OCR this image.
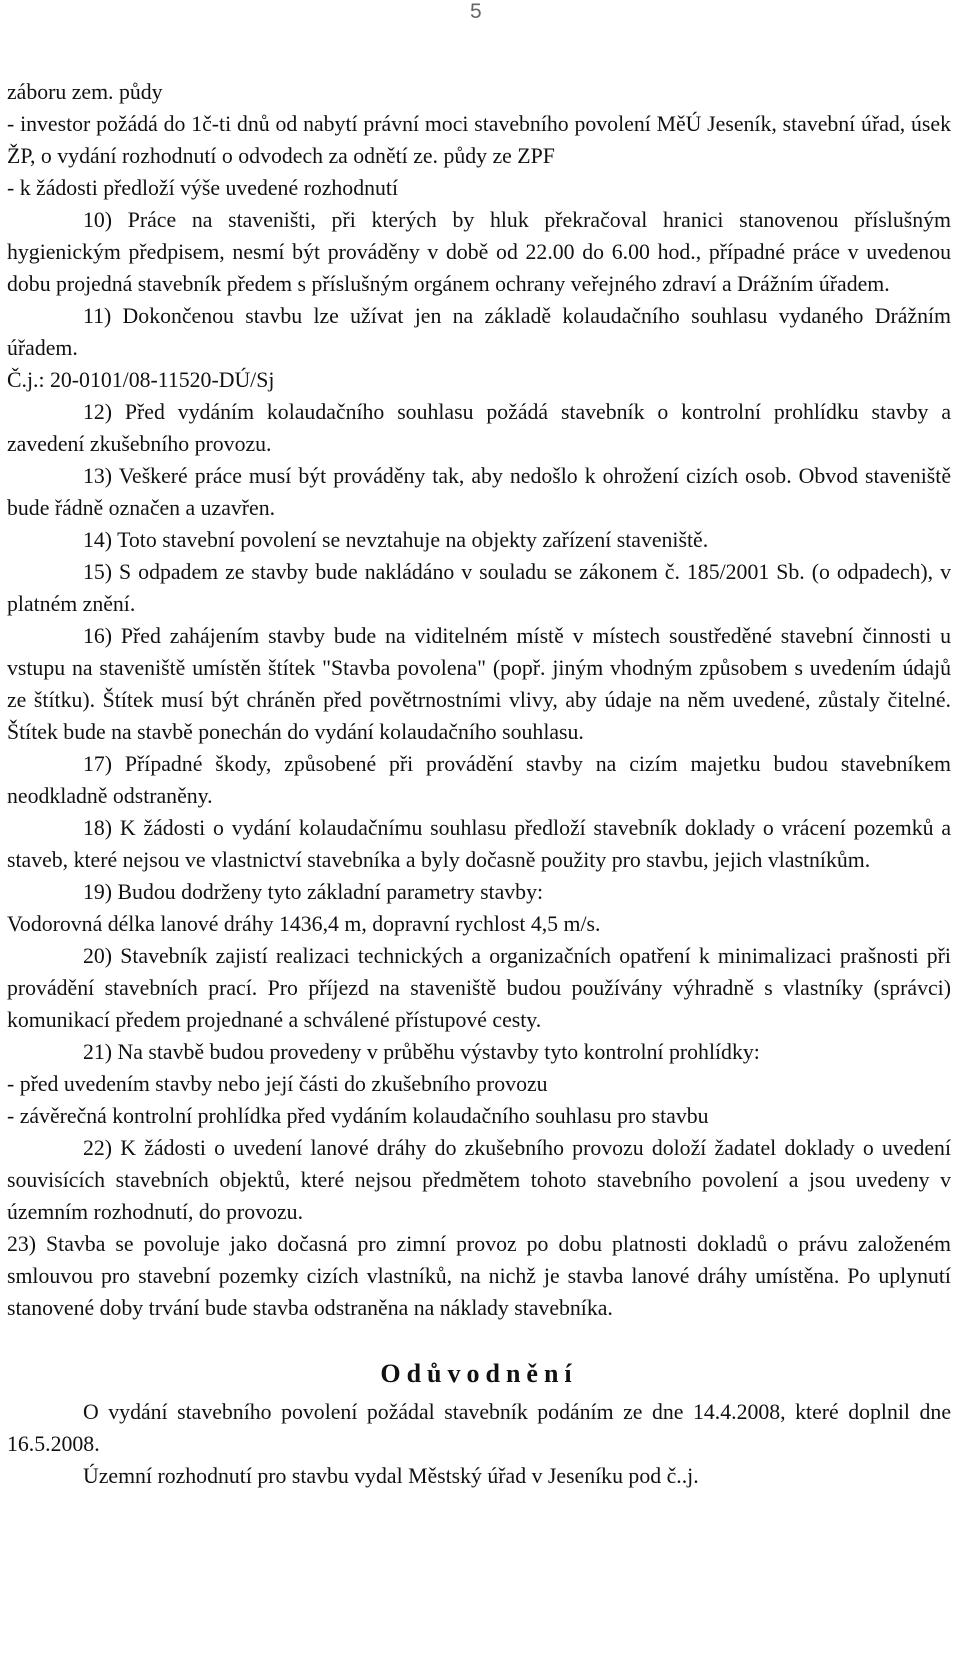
5

záboru zem. půdy

- investor požádá do 1č-ti dnů od nabytí právní moci stavebního povolení MěÚ Jeseník, stavební úřad, úsek ŽP, o vydání rozhodnutí o odvodech za odnětí ze. půdy ze ZPF

- k žádosti předloží výše uvedené rozhodnutí

10) Práce na staveništi, při kterých by hluk překračoval hranici stanovenou příslušným hygienickým předpisem, nesmí být prováděny v době od 22.00 do 6.00 hod., případné práce v uvedenou dobu projedná stavebník předem s příslušným orgánem ochrany veřejného zdraví a Drážním úřadem.

11) Dokončenou stavbu lze užívat jen na základě kolaudačního souhlasu vydaného Drážním úřadem.

Č.j.: 20-0101/08-11520-DÚ/Sj

12) Před vydáním kolaudačního souhlasu požádá stavebník o kontrolní prohlídku stavby a zavedení zkušebního provozu.

13) Veškeré práce musí být prováděny tak, aby nedošlo k ohrožení cizích osob. Obvod staveniště bude řádně označen a uzavřen.

14) Toto stavební povolení se nevztahuje na objekty zařízení staveniště.

15) S odpadem ze stavby bude nakládáno v souladu se zákonem č. 185/2001 Sb. (o odpadech), v platném znění.

16) Před zahájením stavby bude na viditelném místě v místech soustředěné stavební činnosti u vstupu na staveniště umístěn štítek "Stavba povolena" (popř. jiným vhodným způsobem s uvedením údajů ze štítku). Štítek musí být chráněn před povětrnostními vlivy, aby údaje na něm uvedené, zůstaly čitelné. Štítek bude na stavbě ponechán do vydání kolaudačního souhlasu.

17) Případné škody, způsobené při provádění stavby na cizím majetku budou stavebníkem neodkladně odstraněny.

18) K žádosti o vydání kolaudačnímu souhlasu předloží stavebník doklady o vrácení pozemků a staveb, které nejsou ve vlastnictví stavebníka a byly dočasně použity pro stavbu, jejich vlastníkům.

19) Budou dodrženy tyto základní parametry stavby:

Vodorovná délka lanové dráhy 1436,4 m, dopravní rychlost 4,5 m/s.

20) Stavebník zajistí realizaci technických a organizačních opatření k minimalizaci prašnosti při provádění stavebních prací. Pro příjezd na staveniště budou používány výhradně s vlastníky (správci) komunikací předem projednané a schválené přístupové cesty.

21) Na stavbě budou provedeny v průběhu výstavby tyto kontrolní prohlídky:

- před uvedením stavby nebo její části do zkušebního provozu

- závěrečná kontrolní prohlídka před vydáním kolaudačního souhlasu pro stavbu

22) K žádosti o uvedení lanové dráhy do zkušebního provozu doloží žadatel doklady o uvedení souvisících stavebních objektů, které nejsou předmětem tohoto stavebního povolení a jsou uvedeny v územním rozhodnutí, do provozu.

23) Stavba se povoluje jako dočasná pro zimní provoz po dobu platnosti dokladů o právu založeném smlouvou pro stavební pozemky cizích vlastníků, na nichž je stavba lanové dráhy umístěna. Po uplynutí stanovené doby trvání bude stavba odstraněna na náklady stavebníka.

Odůvodnění

O vydání stavebního povolení požádal stavebník podáním ze dne 14.4.2008, které doplnil dne 16.5.2008.

Územní rozhodnutí pro stavbu vydal Městský úřad v Jeseníku pod č..j.
